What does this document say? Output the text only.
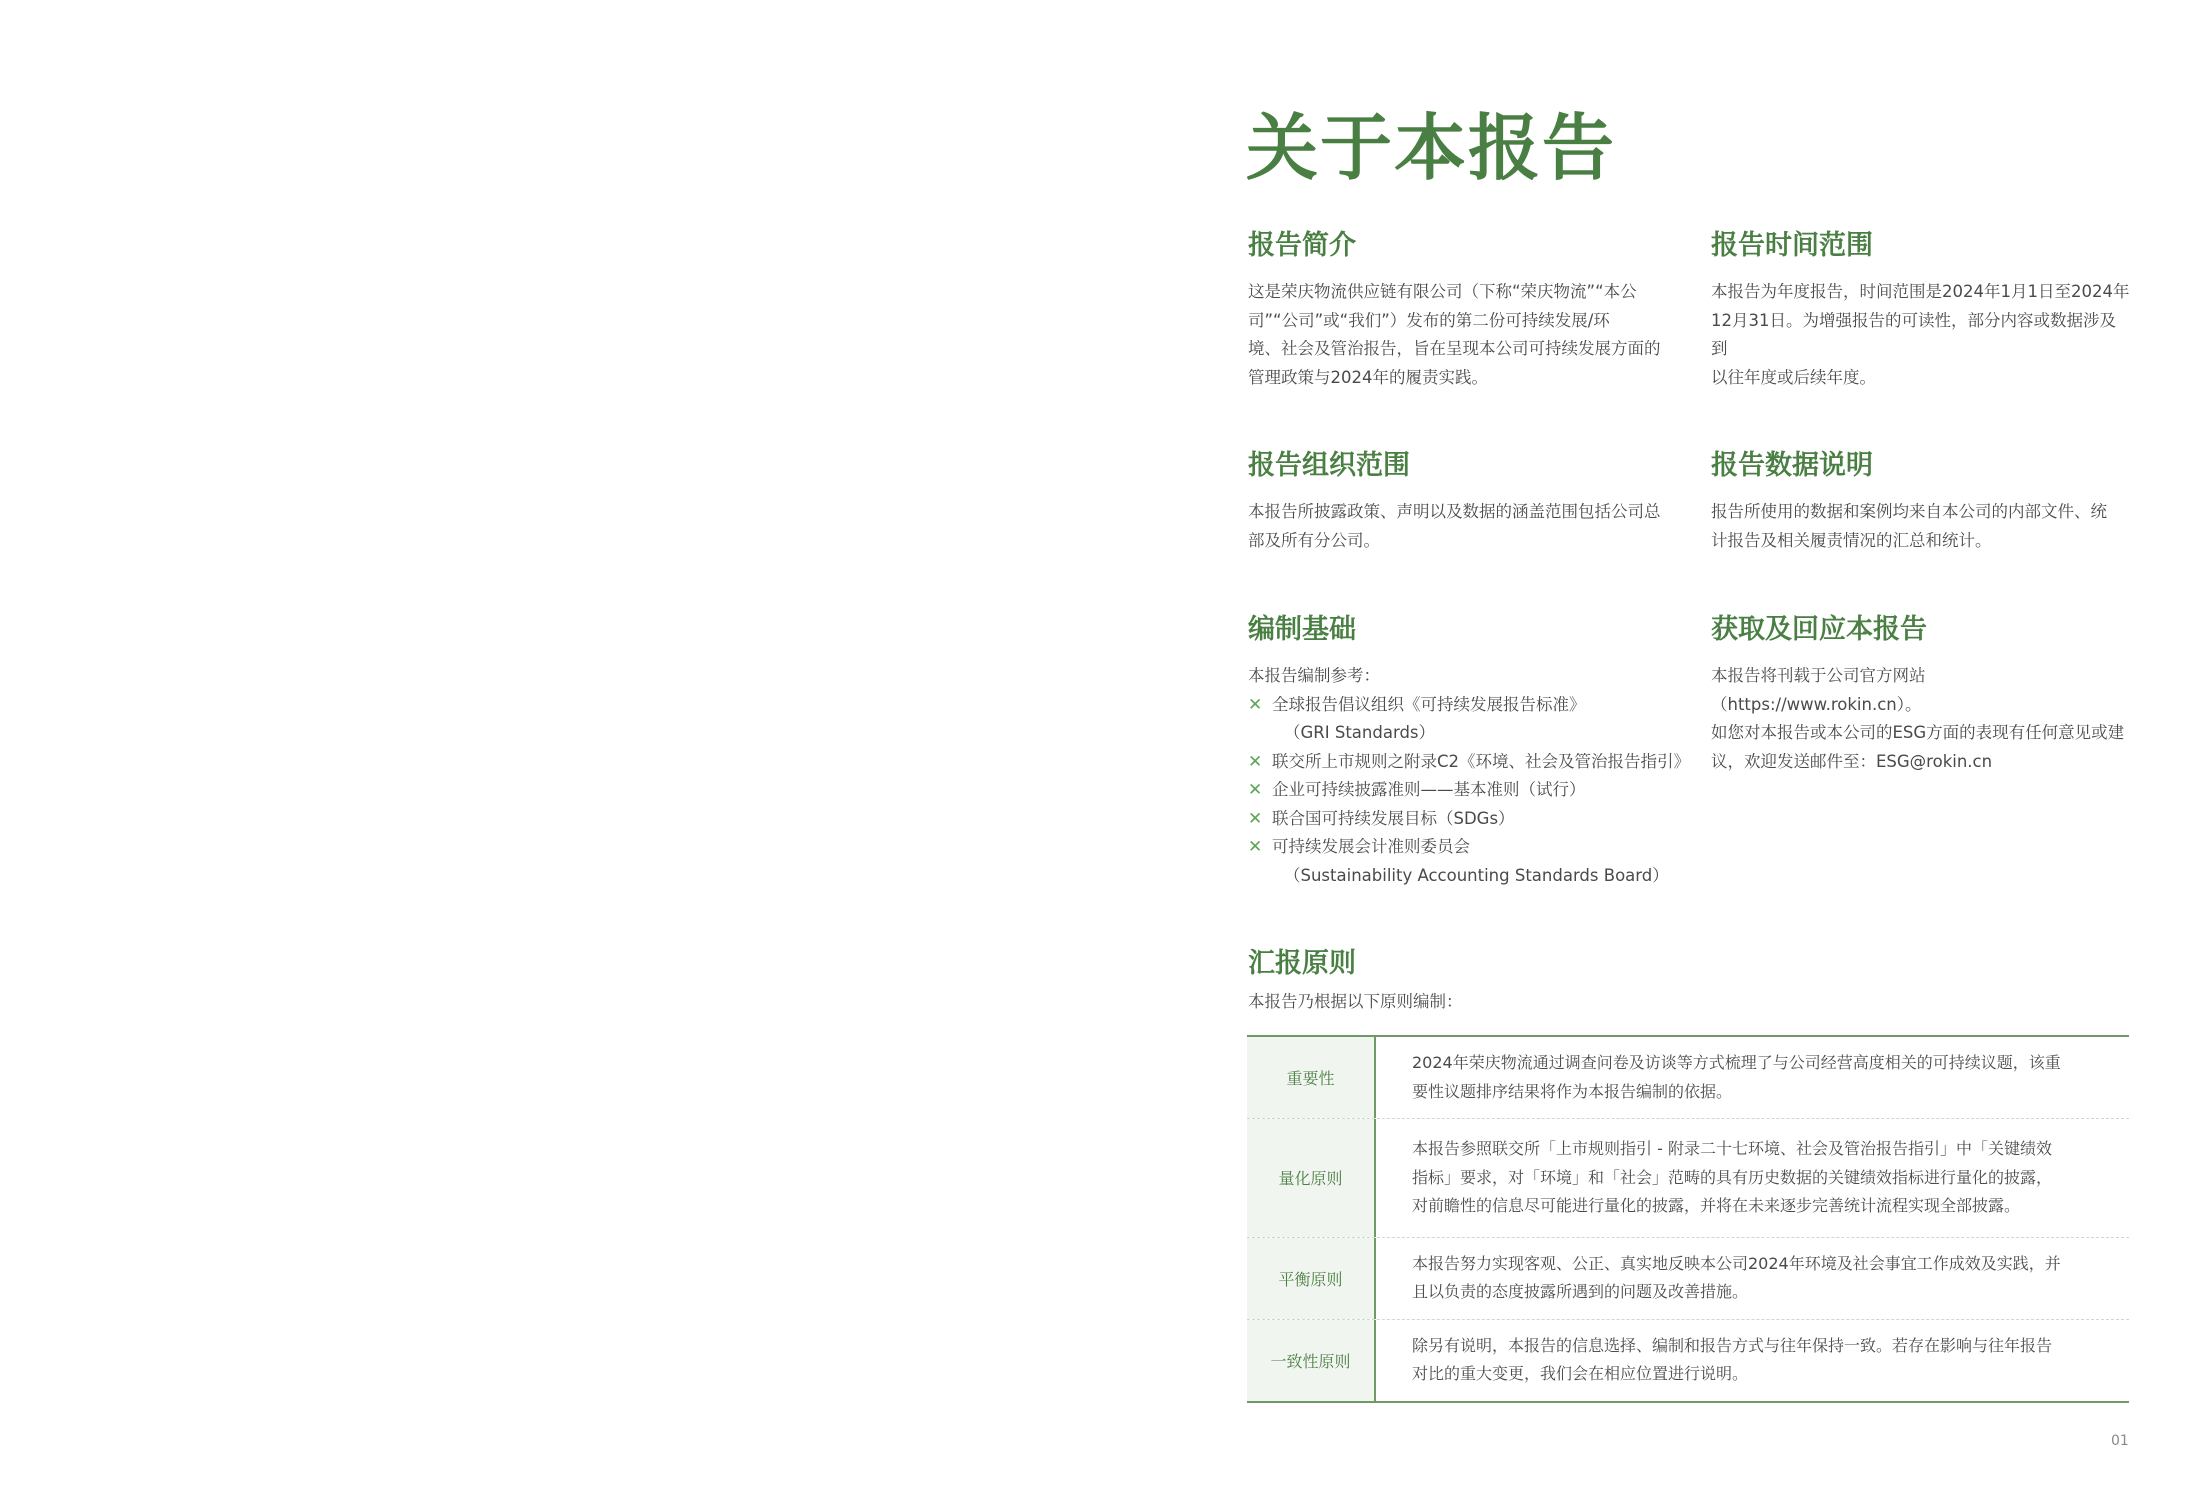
关于本报告
报告简介
这是荣庆物流供应链有限公司（下称“荣庆物流”“本公
司”“公司”或“我们”）发布的第二份可持续发展/环
境、社会及管治报告，旨在呈现本公司可持续发展方面的
管理政策与2024年的履责实践。
报告时间范围
本报告为年度报告，时间范围是2024年1月1日至2024年
12月31日。为增强报告的可读性，部分内容或数据涉及到
以往年度或后续年度。
报告组织范围
本报告所披露政策、声明以及数据的涵盖范围包括公司总
部及所有分公司。
报告数据说明
报告所使用的数据和案例均来自本公司的内部文件、统
计报告及相关履责情况的汇总和统计。
编制基础
本报告编制参考：
✕ 全球报告倡议组织《可持续发展报告标准》
（GRI Standards）
✕ 联交所上市规则之附录C2《环境、社会及管治报告指引》
✕ 企业可持续披露准则——基本准则（试行）
✕ 联合国可持续发展目标（SDGs）
✕ 可持续发展会计准则委员会
（Sustainability Accounting Standards Board）
获取及回应本报告
本报告将刊载于公司官方网站
（https://www.rokin.cn）。
如您对本报告或本公司的ESG方面的表现有任何意见或建
议，欢迎发送邮件至：ESG@rokin.cn
汇报原则
本报告乃根据以下原则编制：
重要性
2024年荣庆物流通过调查问卷及访谈等方式梳理了与公司经营高度相关的可持续议题，该重
要性议题排序结果将作为本报告编制的依据。
量化原则
本报告参照联交所「上市规则指引 - 附录二十七环境、社会及管治报告指引」中「关键绩效
指标」要求，对「环境」和「社会」范畴的具有历史数据的关键绩效指标进行量化的披露，
对前瞻性的信息尽可能进行量化的披露，并将在未来逐步完善统计流程实现全部披露。
平衡原则
本报告努力实现客观、公正、真实地反映本公司2024年环境及社会事宜工作成效及实践，并
且以负责的态度披露所遇到的问题及改善措施。
一致性原则
除另有说明，本报告的信息选择、编制和报告方式与往年保持一致。若存在影响与往年报告
对比的重大变更，我们会在相应位置进行说明。
01
